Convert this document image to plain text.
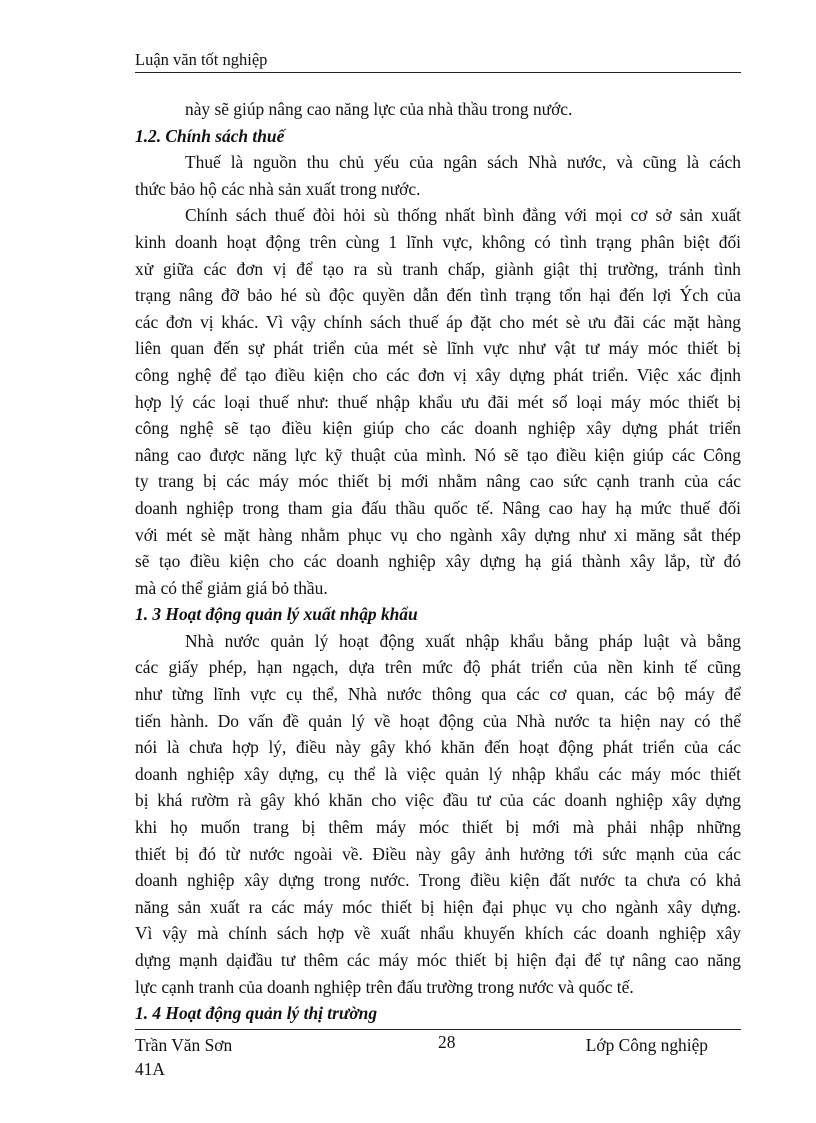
Luận văn tốt nghiệp
này sẽ giúp nâng cao năng lực của nhà thầu trong nước.
1.2. Chính sách thuế
Thuế là nguồn thu chủ yếu của ngân sách Nhà nước, và cũng là cách
thức bảo hộ các nhà sản xuất trong nước.
Chính sách thuế đòi hỏi sù thống nhất bình đẳng với mọi cơ sở sản xuất
kinh doanh hoạt động trên cùng 1 lĩnh vực, không có tình trạng phân biệt đối
xử giữa các đơn vị để tạo ra sù tranh chấp, giành giật thị trường, tránh tình
trạng nâng đỡ bảo hé sù độc quyền dẫn đến tình trạng tổn hại đến lợi Ých của
các đơn vị khác. Vì vậy chính sách thuế áp đặt cho mét sè ưu đãi các mặt hàng
liên quan đến sự phát triển của mét sè lĩnh vực như vật tư máy móc thiết bị
công nghệ để tạo điều kiện cho các đơn vị xây dựng phát triển. Việc xác định
hợp lý các loại thuế như: thuế nhập khẩu ưu đãi mét số loại máy móc thiết bị
công nghệ sẽ tạo điều kiện giúp cho các doanh nghiệp xây dựng phát triển
nâng cao được năng lực kỹ thuật của mình. Nó sẽ tạo điều kiện giúp các Công
ty trang bị các máy móc thiết bị mới nhằm nâng cao sức cạnh tranh của các
doanh nghiệp trong tham gia đấu thầu quốc tế. Nâng cao hay hạ mức thuế đối
với mét sè mặt hàng nhằm phục vụ cho ngành xây dựng như xi măng sắt thép
sẽ tạo điều kiện cho các doanh nghiệp xây dựng hạ giá thành xây lắp, từ đó
mà có thể giảm giá bỏ thầu.
1. 3 Hoạt động quản lý xuất nhập khẩu
Nhà nước quản lý hoạt động xuất nhập khẩu bằng pháp luật và bằng
các giấy phép, hạn ngạch, dựa trên mức độ phát triển của nền kinh tế cũng
như từng lĩnh vực cụ thể, Nhà nước thông qua các cơ quan, các bộ máy để
tiến hành. Do vấn đề quản lý về hoạt động của Nhà nước ta hiện nay có thể
nói là chưa hợp lý, điều này gây khó khăn đến hoạt động phát triển của các
doanh nghiệp xây dựng, cụ thể là việc quản lý nhập khẩu các máy móc thiết
bị khá rườm rà gây khó khăn cho việc đầu tư của các doanh nghiệp xây dựng
khi họ muốn trang bị thêm máy móc thiết bị mới mà phải nhập những
thiết bị đó từ nước ngoài về. Điều này gây ảnh hưởng tới sức mạnh của các
doanh nghiệp xây dựng trong nước. Trong điều kiện đất nước ta chưa có khả
năng sản xuất ra các máy móc thiết bị hiện đại phục vụ cho ngành xây dựng.
Vì vậy mà chính sách hợp về xuất nhẩu khuyến khích các doanh nghiệp xây
dựng mạnh dạiđầu tư thêm các máy móc thiết bị hiện đại để tự nâng cao năng
lực cạnh tranh của doanh nghiệp trên đấu trường trong nước và quốc tế.
1. 4 Hoạt động quản lý thị trường
Trần Văn Sơn	28	Lớp Công nghiệp
41A
